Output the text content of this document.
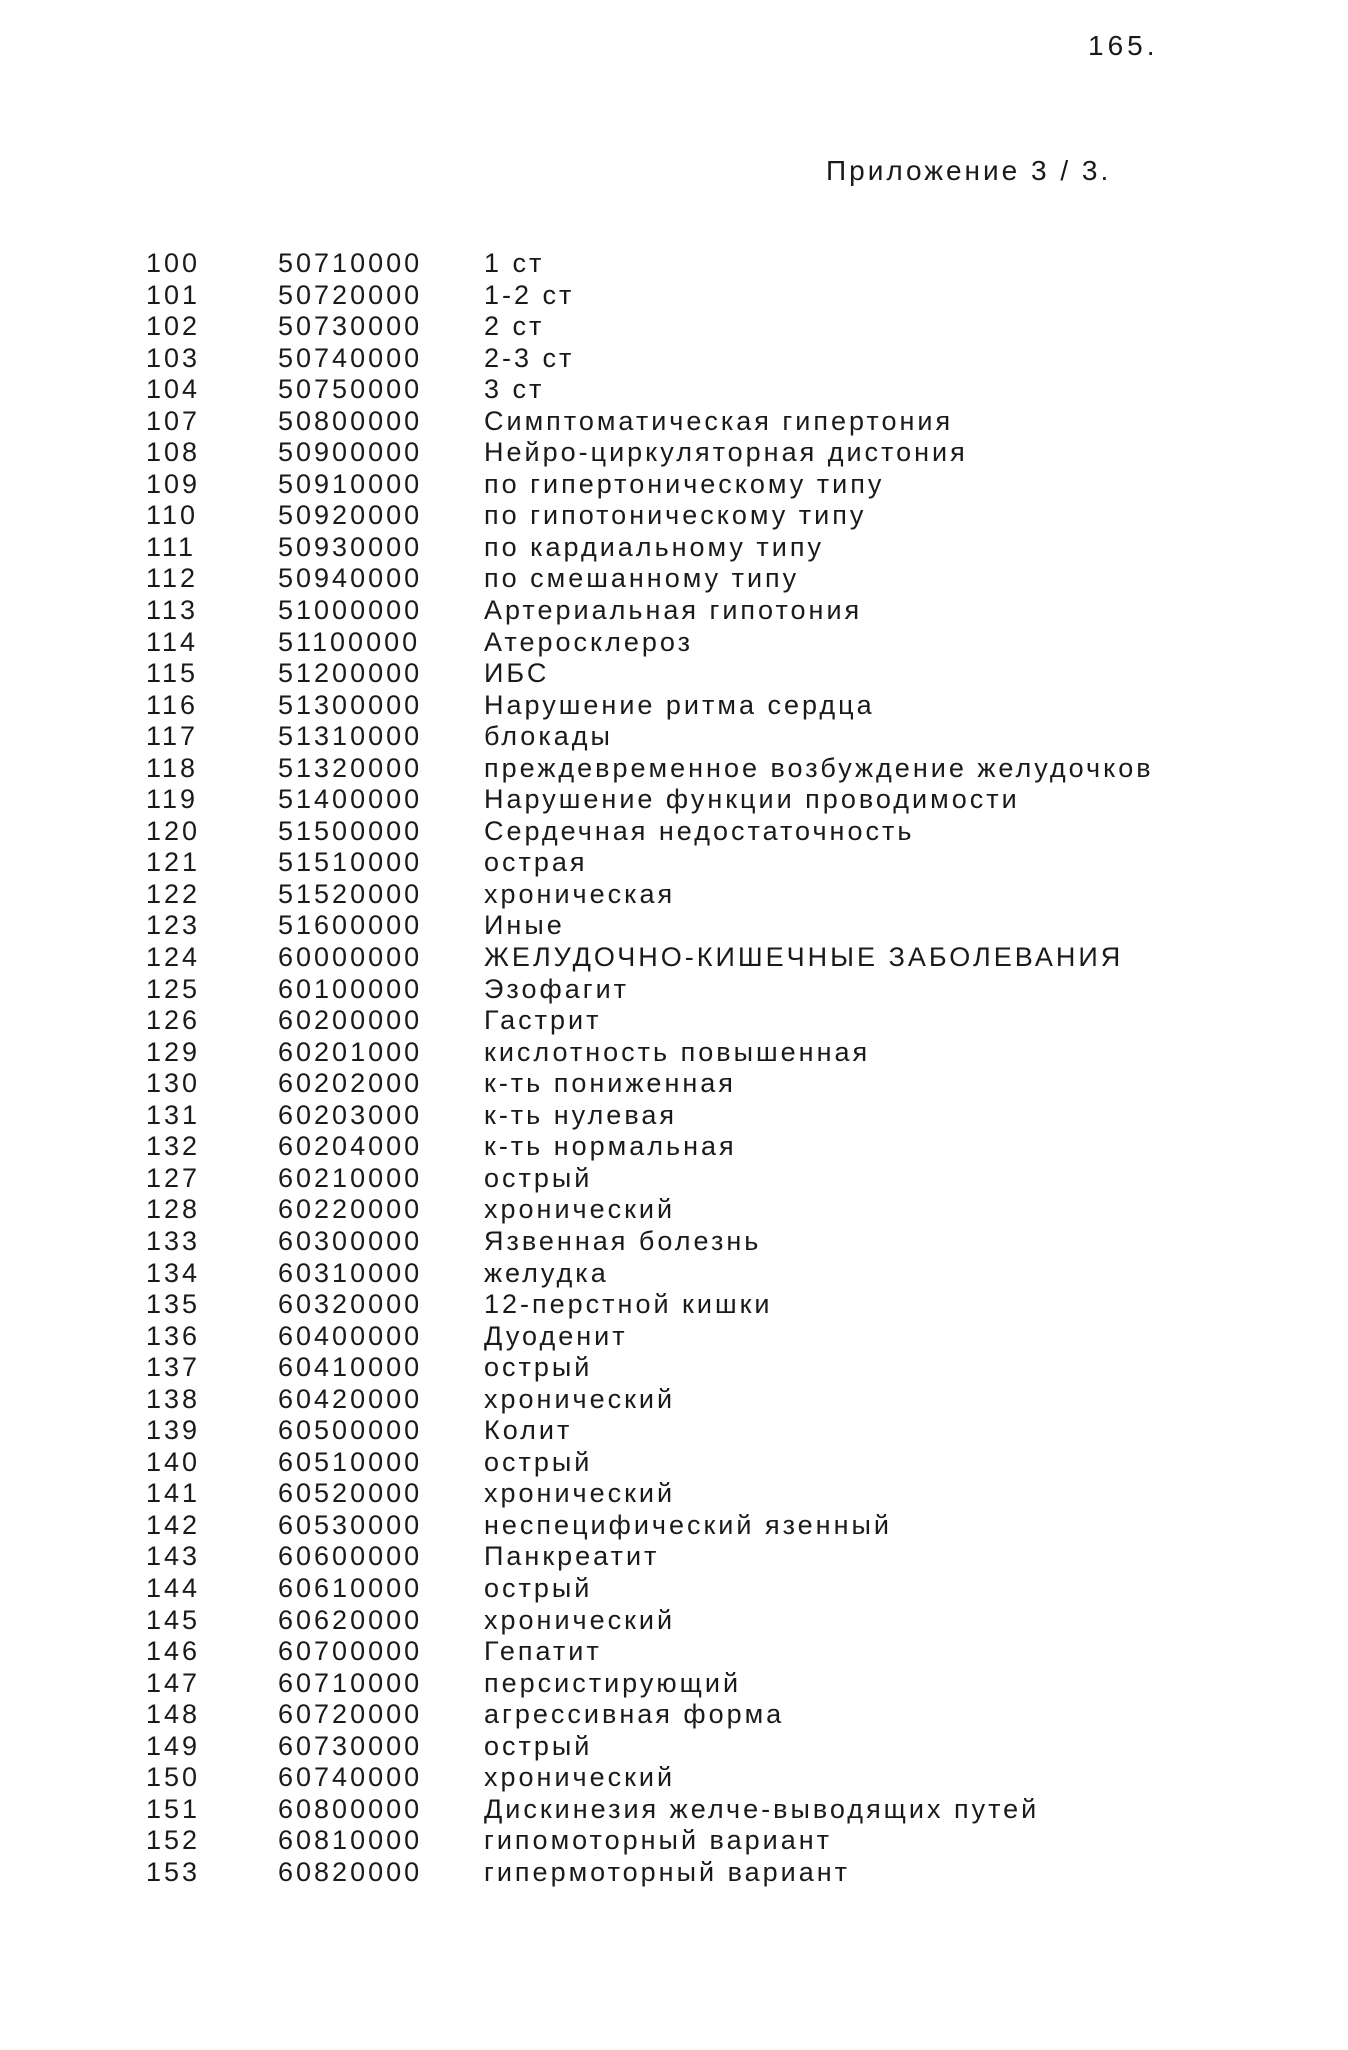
165.
Приложение 3 / 3.
100	50710000	1 ст
101	50720000	1-2 ст
102	50730000	2 ст
103	50740000	2-3 ст
104	50750000	3 ст
107	50800000	Симптоматическая гипертония
108	50900000	Нейро-циркуляторная дистония
109	50910000	по гипертоническому типу
110	50920000	по гипотоническому типу
111	50930000	по кардиальному типу
112	50940000	по смешанному типу
113	51000000	Артериальная гипотония
114	51100000	Атеросклероз
115	51200000	ИБС
116	51300000	Нарушение ритма сердца
117	51310000	блокады
118	51320000	преждевременное возбуждение желудочков
119	51400000	Нарушение функции проводимости
120	51500000	Сердечная недостаточность
121	51510000	острая
122	51520000	хроническая
123	51600000	Иные
124	60000000	ЖЕЛУДОЧНО-КИШЕЧНЫЕ ЗАБОЛЕВАНИЯ
125	60100000	Эзофагит
126	60200000	Гастрит
129	60201000	кислотность повышенная
130	60202000	к-ть пониженная
131	60203000	к-ть нулевая
132	60204000	к-ть нормальная
127	60210000	острый
128	60220000	хронический
133	60300000	Язвенная болезнь
134	60310000	желудка
135	60320000	12-перстной кишки
136	60400000	Дуоденит
137	60410000	острый
138	60420000	хронический
139	60500000	Колит
140	60510000	острый
141	60520000	хронический
142	60530000	неспецифический язенный
143	60600000	Панкреатит
144	60610000	острый
145	60620000	хронический
146	60700000	Гепатит
147	60710000	персистирующий
148	60720000	агрессивная форма
149	60730000	острый
150	60740000	хронический
151	60800000	Дискинезия желче-выводящих путей
152	60810000	гипомоторный вариант
153	60820000	гипермоторный вариант
